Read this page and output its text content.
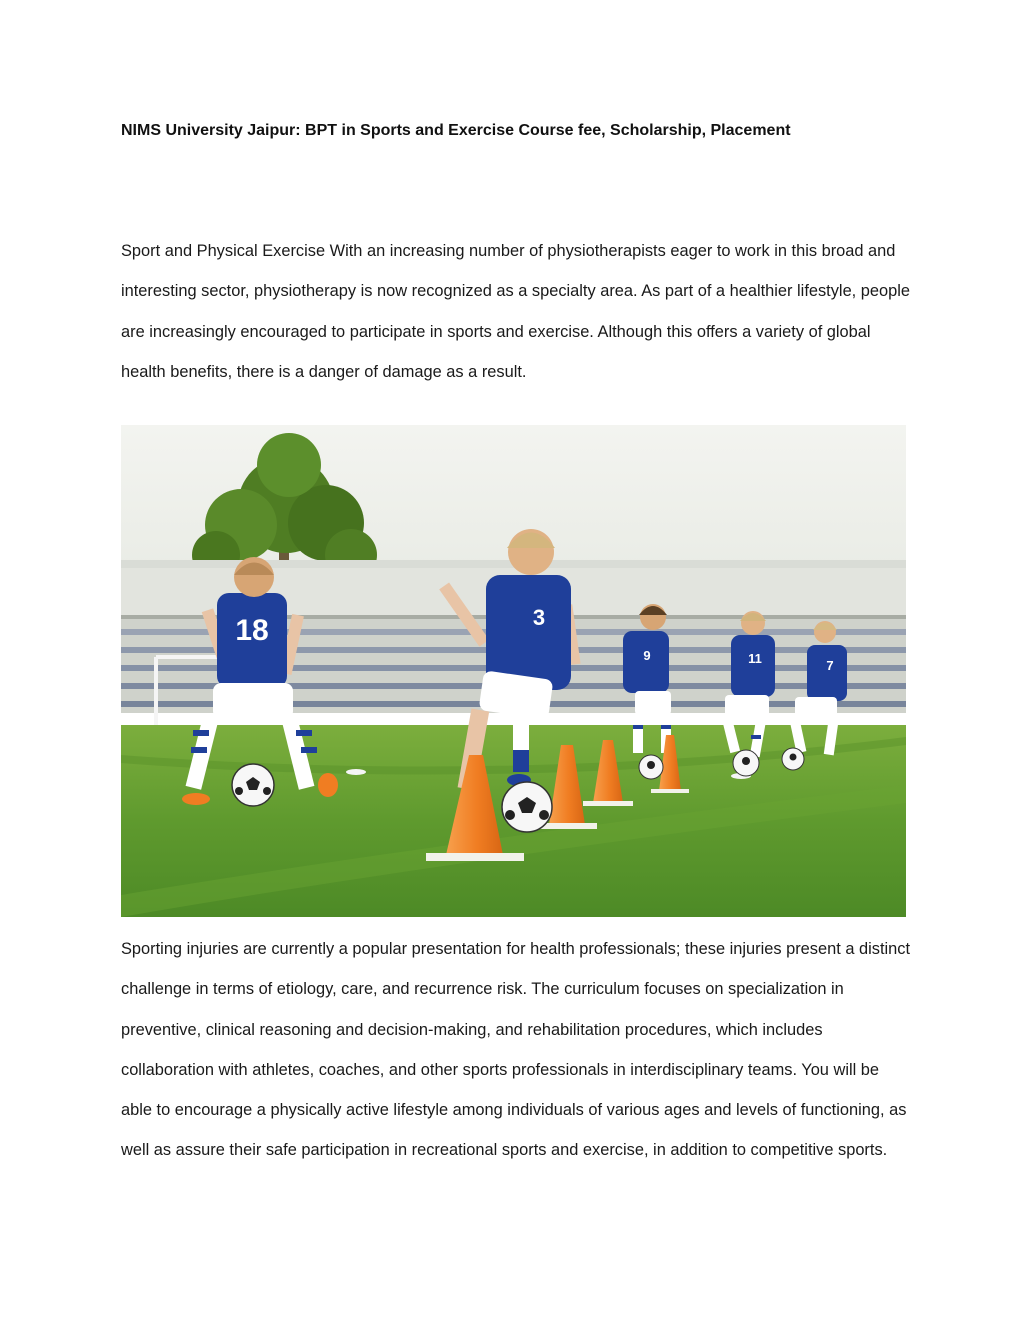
NIMS University Jaipur: BPT in Sports and Exercise Course fee, Scholarship, Placement

Sport and Physical Exercise With an increasing number of physiotherapists eager to work in this broad and interesting sector, physiotherapy is now recognized as a specialty area. As part of a healthier lifestyle, people are increasingly encouraged to participate in sports and exercise. Although this offers a variety of global health benefits, there is a danger of damage as a result.

18	3
9	11	7

Sporting injuries are currently a popular presentation for health professionals; these injuries present a distinct challenge in terms of etiology, care, and recurrence risk. The curriculum focuses on specialization in preventive, clinical reasoning and decision-making, and rehabilitation procedures, which includes collaboration with athletes, coaches, and other sports professionals in interdisciplinary teams. You will be able to encourage a physically active lifestyle among individuals of various ages and levels of functioning, as well as assure their safe participation in recreational sports and exercise, in addition to competitive sports.
